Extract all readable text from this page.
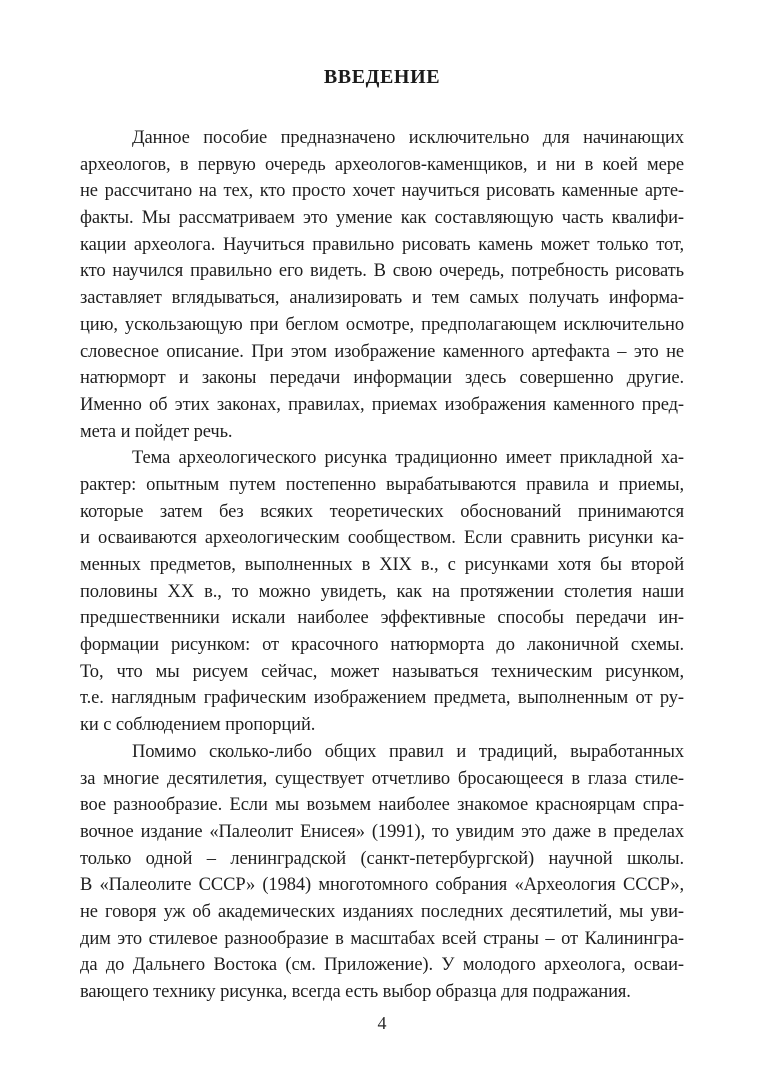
ВВЕДЕНИЕ
Данное пособие предназначено исключительно для начинающих
археологов, в первую очередь археологов-каменщиков, и ни в коей мере
не рассчитано на тех, кто просто хочет научиться рисовать каменные арте-
факты. Мы рассматриваем это умение как составляющую часть квалифи-
кации археолога. Научиться правильно рисовать камень может только тот,
кто научился правильно его видеть. В свою очередь, потребность рисовать
заставляет вглядываться, анализировать и тем самых получать информа-
цию, ускользающую при беглом осмотре, предполагающем исключительно
словесное описание. При этом изображение каменного артефакта – это не
натюрморт и законы передачи информации здесь совершенно другие.
Именно об этих законах, правилах, приемах изображения каменного пред-
мета и пойдет речь.
Тема археологического рисунка традиционно имеет прикладной ха-
рактер: опытным путем постепенно вырабатываются правила и приемы,
которые затем без всяких теоретических обоснований принимаются
и осваиваются археологическим сообществом. Если сравнить рисунки ка-
менных предметов, выполненных в XIX в., с рисунками хотя бы второй
половины XX в., то можно увидеть, как на протяжении столетия наши
предшественники искали наиболее эффективные способы передачи ин-
формации рисунком: от красочного натюрморта до лаконичной схемы.
То, что мы рисуем сейчас, может называться техническим рисунком,
т.е. наглядным графическим изображением предмета, выполненным от ру-
ки с соблюдением пропорций.
Помимо сколько-либо общих правил и традиций, выработанных
за многие десятилетия, существует отчетливо бросающееся в глаза стиле-
вое разнообразие. Если мы возьмем наиболее знакомое красноярцам спра-
вочное издание «Палеолит Енисея» (1991), то увидим это даже в пределах
только одной – ленинградской (санкт-петербургской) научной школы.
В «Палеолите СССР» (1984) многотомного собрания «Археология СССР»,
не говоря уж об академических изданиях последних десятилетий, мы уви-
дим это стилевое разнообразие в масштабах всей страны – от Калинингра-
да до Дальнего Востока (см. Приложение). У молодого археолога, осваи-
вающего технику рисунка, всегда есть выбор образца для подражания.
4
